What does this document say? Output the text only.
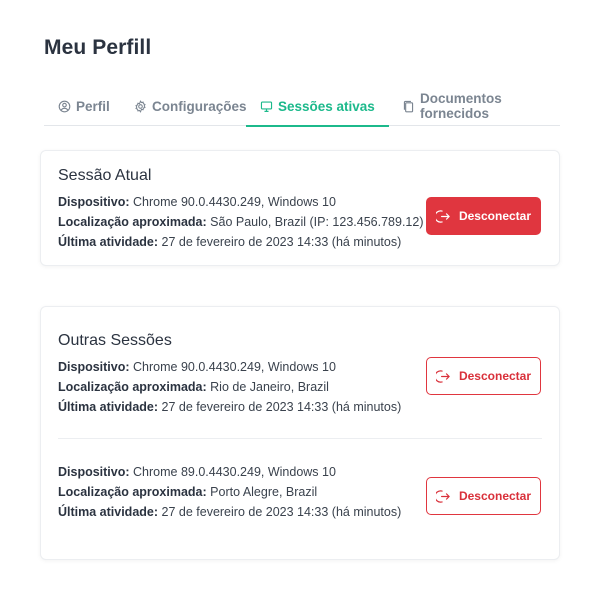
Meu Perfill
Perfil	Configurações Sessões ativas	Documentos fornecidos
Sessão Atual
Dispositivo: Chrome 90.0.4430.249, Windows 10
Localização aproximada: São Paulo, Brazil (IP: 123.456.789.12)
Última atividade: 27 de fevereiro de 2023 14:33 (há minutos)
Desconectar
Outras Sessões
Dispositivo: Chrome 90.0.4430.249, Windows 10
Localização aproximada: Rio de Janeiro, Brazil
Última atividade: 27 de fevereiro de 2023 14:33 (há minutos)
Desconectar
Dispositivo: Chrome 89.0.4430.249, Windows 10
Localização aproximada: Porto Alegre, Brazil
Última atividade: 27 de fevereiro de 2023 14:33 (há minutos)
Desconectar
